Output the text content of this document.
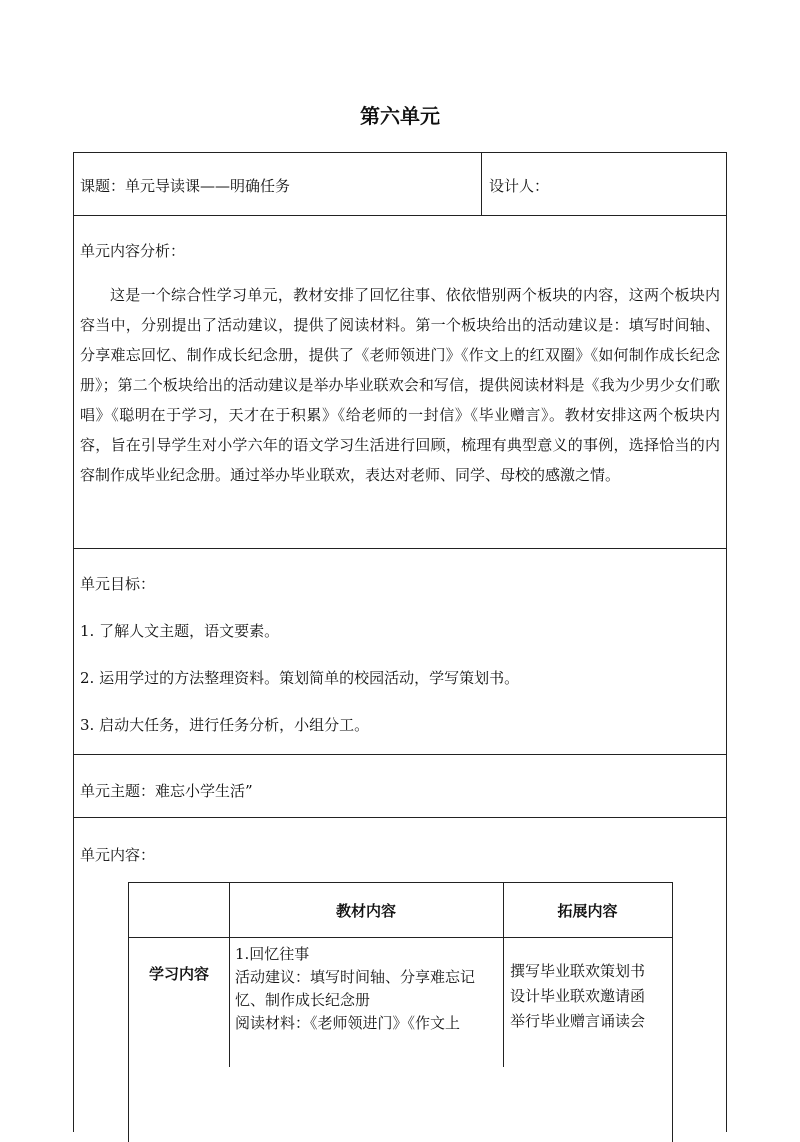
第六单元
课题：单元导读课——明确任务	设计人：
单元内容分析：
这是一个综合性学习单元，教材安排了回忆往事、依依惜别两个板块的内容，这两个板块内容当中，分别提出了活动建议，提供了阅读材料。第一个板块给出的活动建议是：填写时间轴、分享难忘回忆、制作成长纪念册，提供了《老师领进门》《作文上的红双圈》《如何制作成长纪念册》；第二个板块给出的活动建议是举办毕业联欢会和写信，提供阅读材料是《我为少男少女们歌唱》《聪明在于学习，天才在于积累》《给老师的一封信》《毕业赠言》。教材安排这两个板块内容，旨在引导学生对小学六年的语文学习生活进行回顾，梳理有典型意义的事例，选择恰当的内容制作成毕业纪念册。通过举办毕业联欢，表达对老师、同学、母校的感激之情。
单元目标：
1. 了解人文主题，语文要素。
2. 运用学过的方法整理资料。策划简单的校园活动，学写策划书。
3. 启动大任务，进行任务分析，小组分工。
单元主题：难忘小学生活”
单元内容：
教材内容	拓展内容
学习内容
1.回忆往事
活动建议：填写时间轴、分享难忘记
忆、制作成长纪念册
阅读材料：《老师领进门》《作文上
撰写毕业联欢策划书
设计毕业联欢邀请函
举行毕业赠言诵读会
